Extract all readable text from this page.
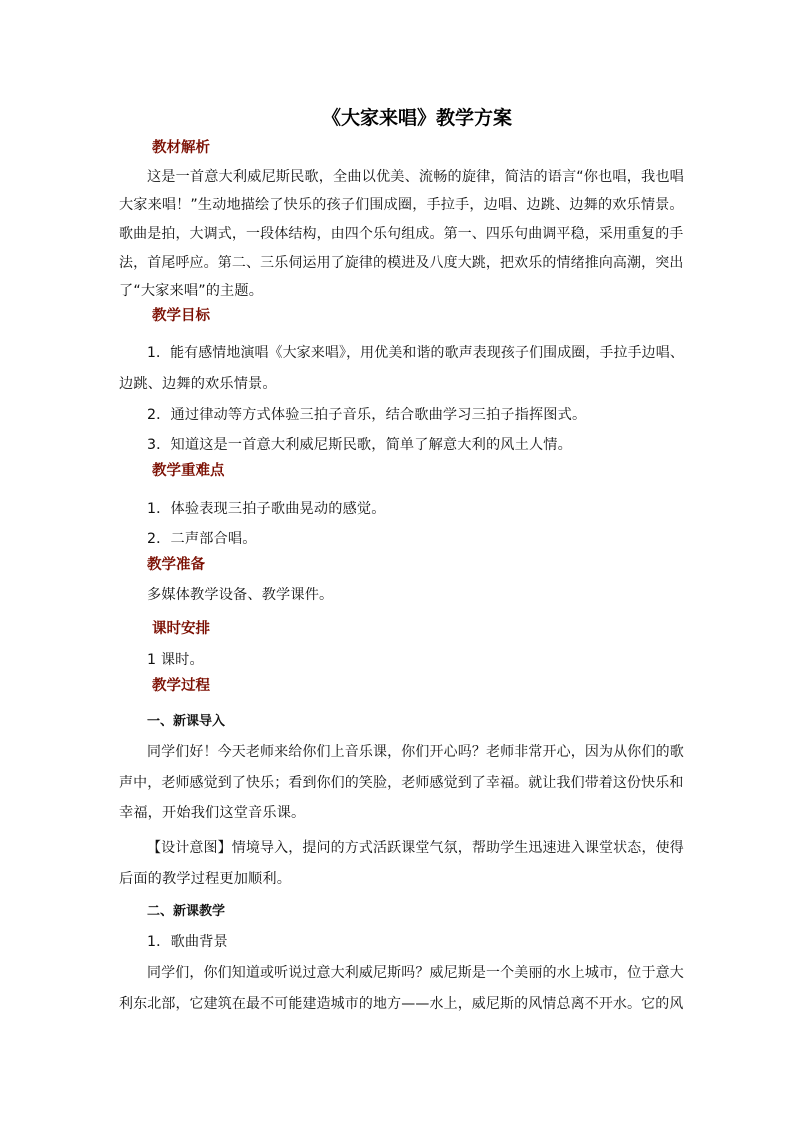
《大家来唱》教学方案
教材解析
这是一首意大利威尼斯民歌，全曲以优美、流畅的旋律，简洁的语言“你也唱，我也唱
大家来唱！”生动地描绘了快乐的孩子们围成圈，手拉手，边唱、边跳、边舞的欢乐情景。
歌曲是拍，大调式，一段体结构，由四个乐句组成。第一、四乐句曲调平稳，采用重复的手
法，首尾呼应。第二、三乐伺运用了旋律的模进及八度大跳，把欢乐的情绪推向高潮，突出
了“大家来唱”的主题。
教学目标
1．能有感情地演唱《大家来唱》，用优美和谐的歌声表现孩子们围成圈，手拉手边唱、
边跳、边舞的欢乐情景。
2．通过律动等方式体验三拍子音乐，结合歌曲学习三拍子指挥图式。
3．知道这是一首意大利威尼斯民歌，简单了解意大利的风土人情。
教学重难点
1．体验表现三拍子歌曲晃动的感觉。
2．二声部合唱。
教学准备
多媒体教学设备、教学课件。
课时安排
1 课时。
教学过程
一、新课导入
同学们好！今天老师来给你们上音乐课，你们开心吗？老师非常开心，因为从你们的歌
声中，老师感觉到了快乐；看到你们的笑脸，老师感觉到了幸福。就让我们带着这份快乐和
幸福，开始我们这堂音乐课。
【设计意图】情境导入，提问的方式活跃课堂气氛，帮助学生迅速进入课堂状态，使得
后面的教学过程更加顺利。
二、新课教学
1．歌曲背景
同学们，你们知道或听说过意大利威尼斯吗？威尼斯是一个美丽的水上城市，位于意大
利东北部，它建筑在最不可能建造城市的地方——水上，威尼斯的风情总离不开水。它的风
